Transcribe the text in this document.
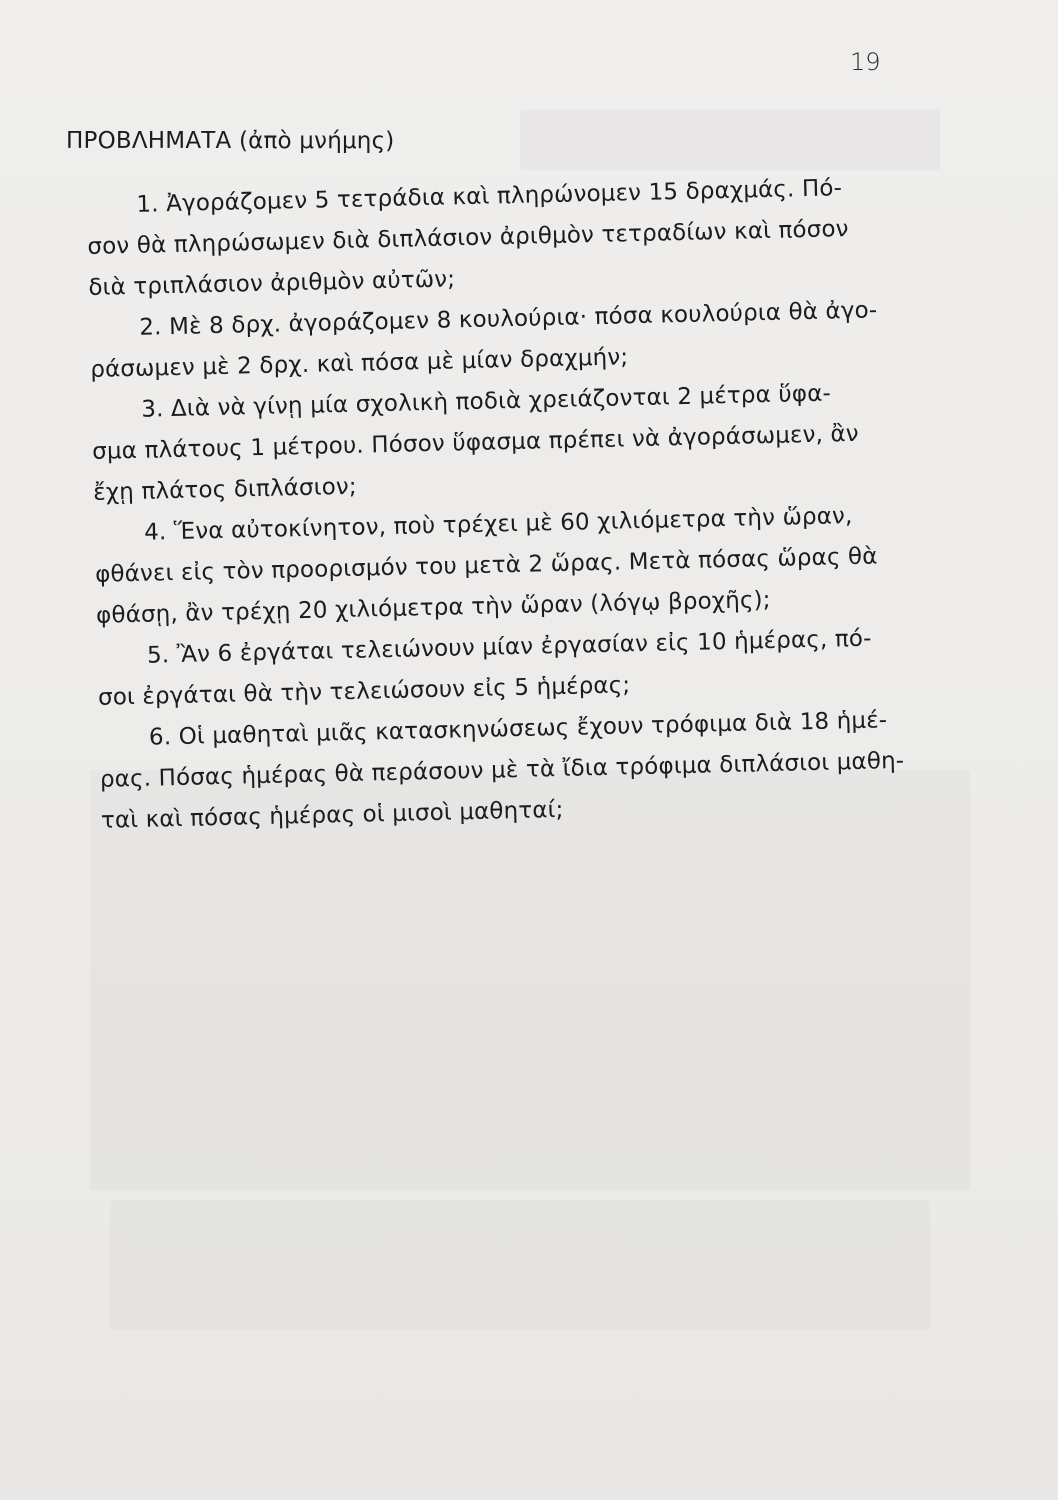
19
ΠΡΟΒΛΗΜΑΤΑ (ἀπὸ μνήμης)
1. Ἀγοράζομεν 5 τετράδια καὶ πληρώνομεν 15 δραχμάς. Πό-
σον θὰ πληρώσωμεν διὰ διπλάσιον ἀριθμὸν τετραδίων καὶ πόσον
διὰ τριπλάσιον ἀριθμὸν αὐτῶν;
2. Μὲ 8 δρχ. ἀγοράζομεν 8 κουλούρια· πόσα κουλούρια θὰ ἀγο-
ράσωμεν μὲ 2 δρχ. καὶ πόσα μὲ μίαν δραχμήν;
3. Διὰ νὰ γίνῃ μία σχολικὴ ποδιὰ χρειάζονται 2 μέτρα ὕφα-
σμα πλάτους 1 μέτρου. Πόσον ὕφασμα πρέπει νὰ ἀγοράσωμεν, ἂν
ἔχῃ πλάτος διπλάσιον;
4. Ἕνα αὐτοκίνητον, ποὺ τρέχει μὲ 60 χιλιόμετρα τὴν ὥραν,
φθάνει εἰς τὸν προορισμόν του μετὰ 2 ὥρας. Μετὰ πόσας ὥρας θὰ
φθάσῃ, ἂν τρέχῃ 20 χιλιόμετρα τὴν ὥραν (λόγῳ βροχῆς);
5. Ἂν 6 ἐργάται τελειώνουν μίαν ἐργασίαν εἰς 10 ἡμέρας, πό-
σοι ἐργάται θὰ τὴν τελειώσουν εἰς 5 ἡμέρας;
6. Οἱ μαθηταὶ μιᾶς κατασκηνώσεως ἔχουν τρόφιμα διὰ 18 ἡμέ-
ρας. Πόσας ἡμέρας θὰ περάσουν μὲ τὰ ἴδια τρόφιμα διπλάσιοι μαθη-
ταὶ καὶ πόσας ἡμέρας οἱ μισοὶ μαθηταί;
